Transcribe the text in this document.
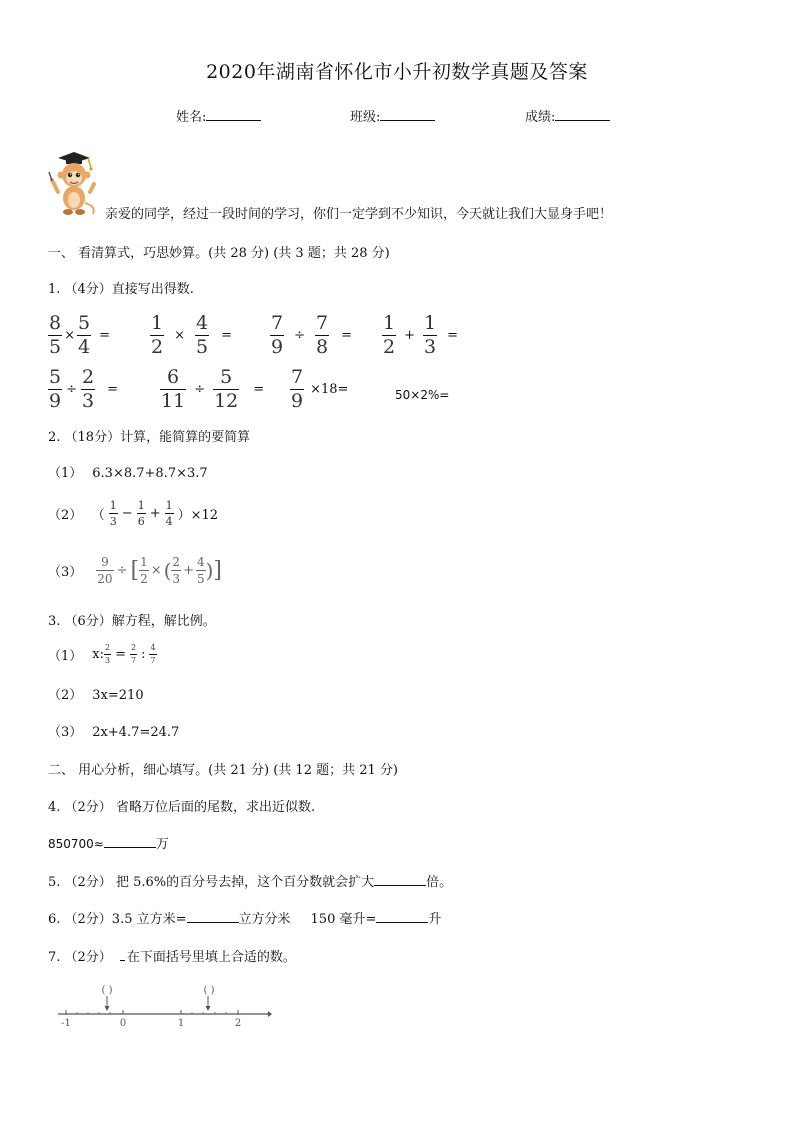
2020年湖南省怀化市小升初数学真题及答案
姓名:	班级:	成绩:
亲爱的同学，经过一段时间的学习，你们一定学到不少知识，今天就让我们大显身手吧！
一、 看清算式，巧思妙算。(共 28 分) (共 3 题；共 28 分)
1. （4分）直接写出得数.
$\frac{8}{5} \times \frac{5}{4} = \frac{1}{2} \times \frac{4}{5} = \frac{7}{9} \div \frac{7}{8} = \frac{1}{2} + \frac{1}{3}$ =
$\frac{5}{9} \div \frac{2}{3} = \frac{6}{11} \div \frac{5}{12} = \frac{7}{9} \times 18=$	50×2%=
2. （18分）计算，能简算的要简算
（1） 6.3×8.7+8.7×3.7
（2） （ $\frac{1}{3} - \frac{1}{6} + \frac{1}{4} )\times 12$
$(3) \frac{9}{20}$ ÷ [ $\frac{1}{2}$ × ( $\frac{2}{3} + \frac{4}{5}$ )]
3. （6分）解方程，解比例。
（1） x: $\frac{2}{3} = \frac{2}{7}$ : $\frac{4}{7}$
（2） 3x=210
（3） 2x+4.7=24.7
二、 用心分析，细心填写。(共 21 分) (共 12 题；共 21 分)
4. （2分） 省略万位后面的尾数，求出近似数.
850700≈	万
5. （2分） 把 5.6%的百分号去掉，这个百分数就会扩大	倍。
6. （2分）3.5 立方米=	立方分米 150 毫升=	升
7. （2分） 在下面括号里填上合适的数。
( )	( )
-1	0	1	2
